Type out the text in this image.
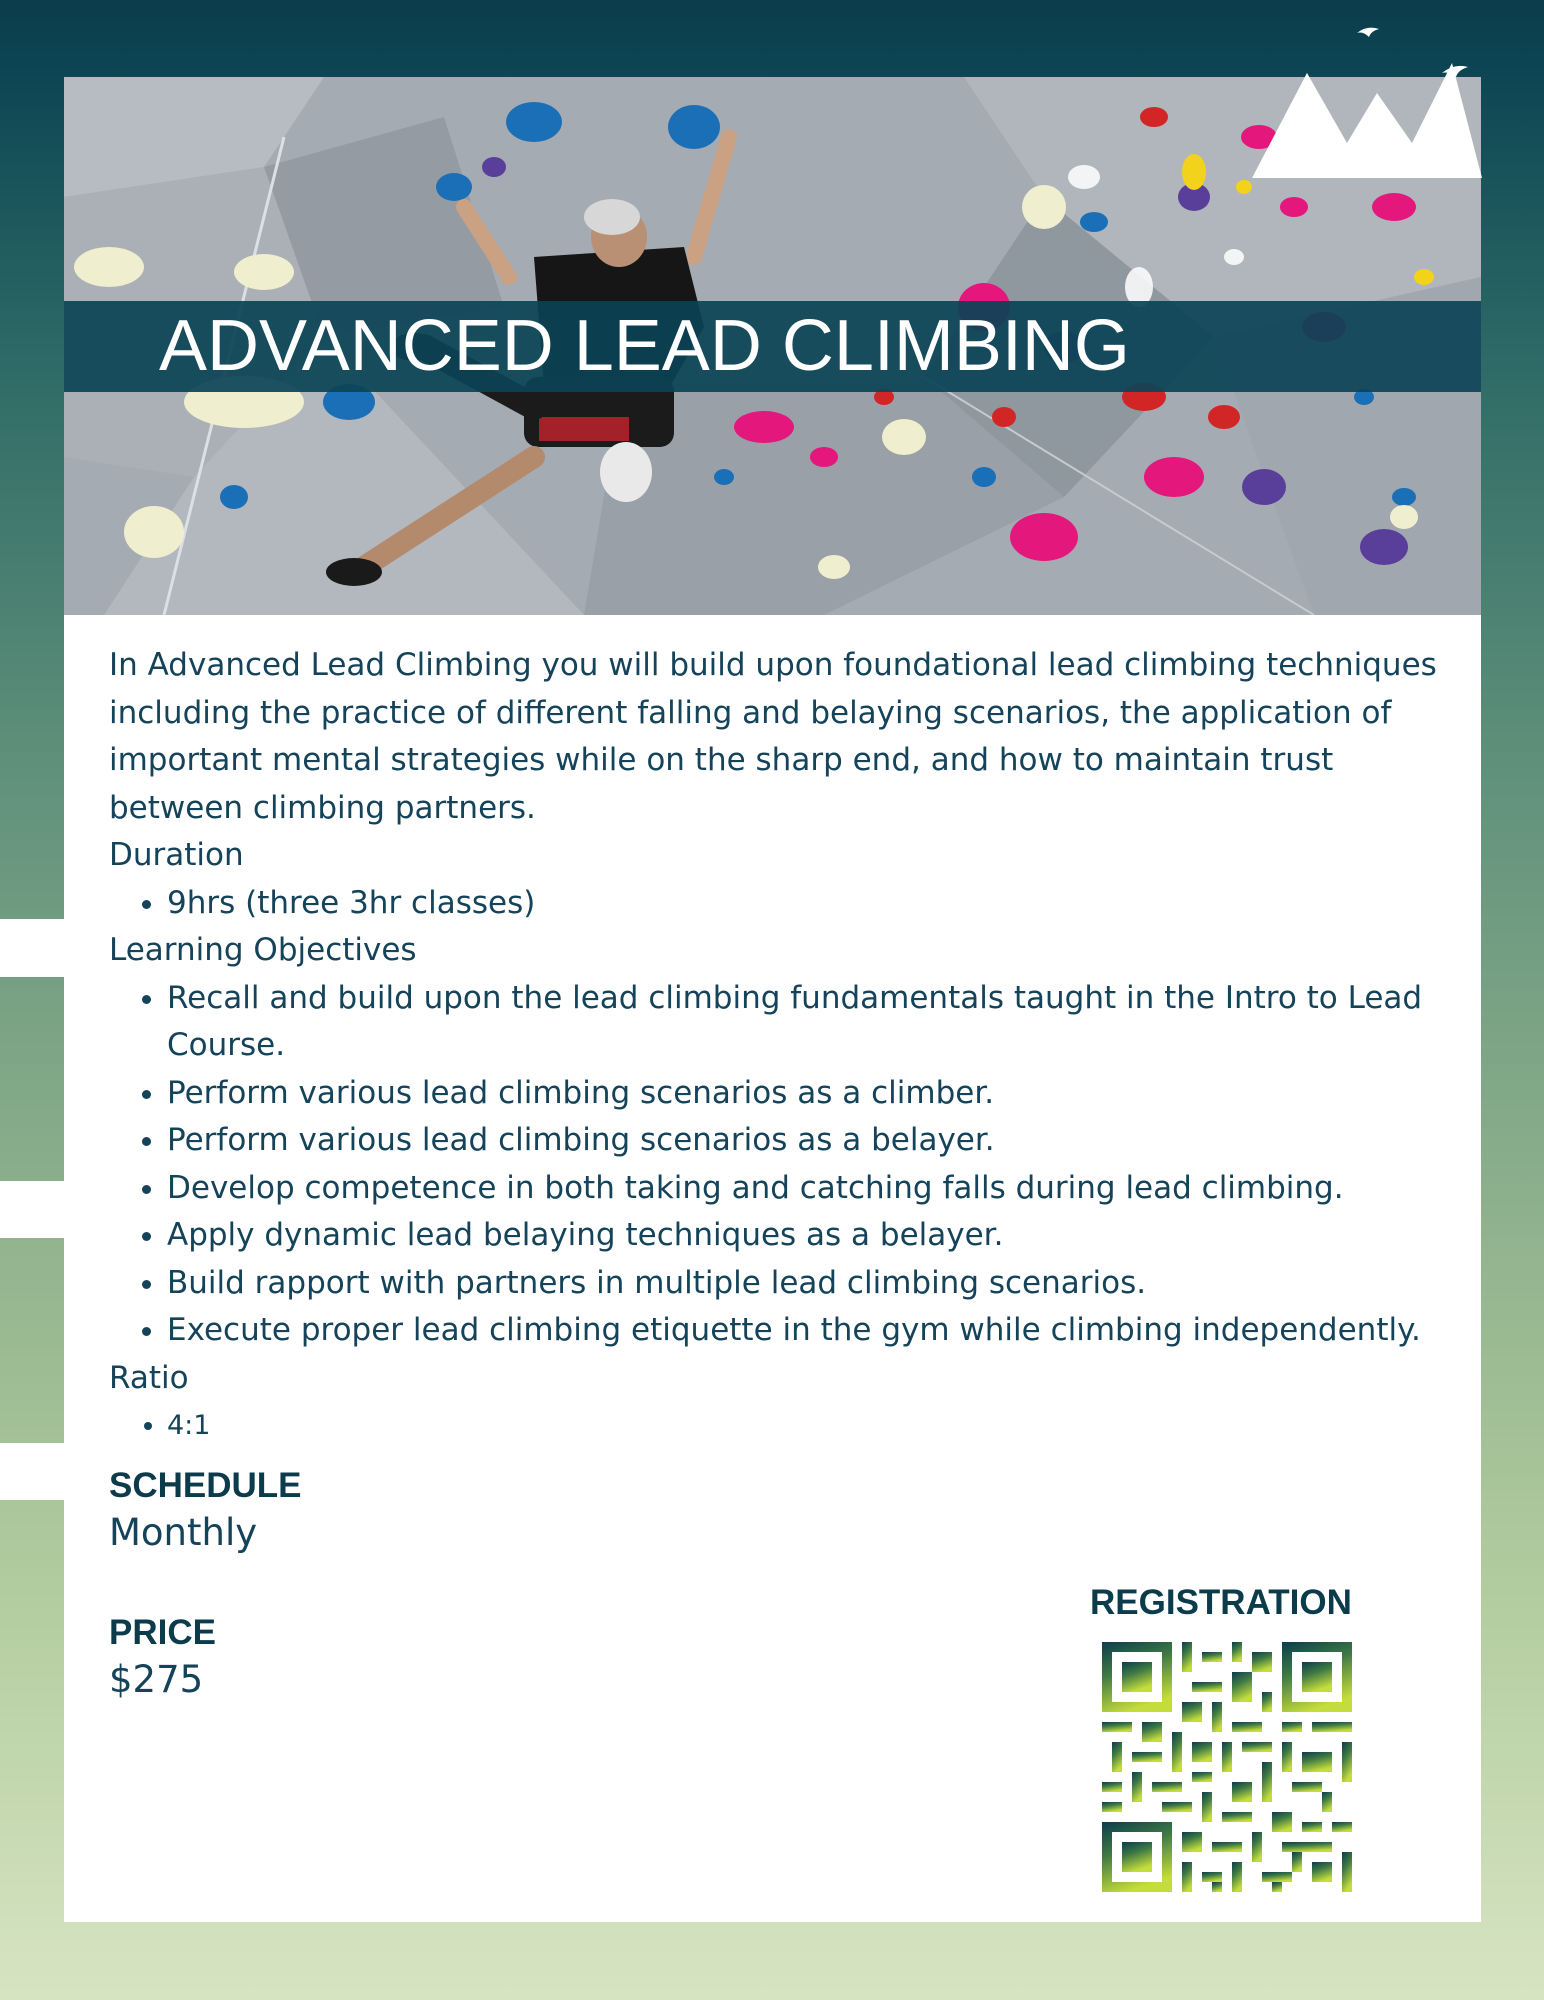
ADVANCED LEAD CLIMBING
GO CLIMB.

In Advanced Lead Climbing you will build upon foundational lead climbing techniques including the practice of different falling and belaying scenarios, the application of important mental strategies while on the sharp end, and how to maintain trust between climbing partners.

Duration

• 9hrs (three 3hr classes)

Learning Objectives

• Recall and build upon the lead climbing fundamentals taught in the Intro to Lead Course.
• Perform various lead climbing scenarios as a climber.
• Perform various lead climbing scenarios as a belayer.
• Develop competence in both taking and catching falls during lead climbing.
• Apply dynamic lead belaying techniques as a belayer.
• Build rapport with partners in multiple lead climbing scenarios.
• Execute proper lead climbing etiquette in the gym while climbing independently.

Ratio

• 4:1
SCHEDULE
Monthly
PRICE
$275
REGISTRATION
